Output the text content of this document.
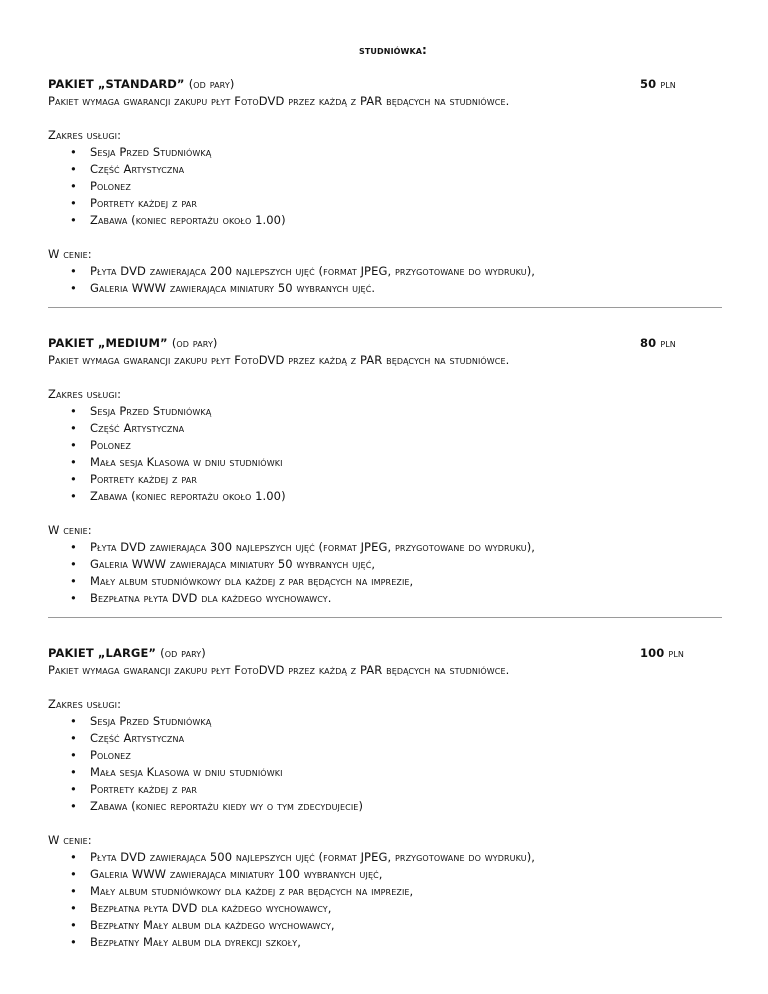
studniówka:
PAKIET „STANDARD” (od pary)	50 pln
Pakiet wymaga gwarancji zakupu płyt FotoDVD przez każdą z PAR będących na studniówce.
Zakres usługi:
• Sesja Przed Studniówką
• Część Artystyczna
• Polonez
• Portrety każdej z par
• Zabawa (koniec reportażu około 1.00)
W cenie:
• Płyta DVD zawierająca 200 najlepszych ujęć (format JPEG, przygotowane do wydruku),
• Galeria WWW zawierająca miniatury 50 wybranych ujęć.
PAKIET „MEDIUM” (od pary)	80 pln
Pakiet wymaga gwarancji zakupu płyt FotoDVD przez każdą z PAR będących na studniówce.
Zakres usługi:
• Sesja Przed Studniówką
• Część Artystyczna
• Polonez
• Mała sesja Klasowa w dniu studniówki
• Portrety każdej z par
• Zabawa (koniec reportażu około 1.00)
W cenie:
• Płyta DVD zawierająca 300 najlepszych ujęć (format JPEG, przygotowane do wydruku),
• Galeria WWW zawierająca miniatury 50 wybranych ujęć,
• Mały album studniówkowy dla każdej z par będących na imprezie,
• Bezpłatna płyta DVD dla każdego wychowawcy.
PAKIET „LARGE” (od pary)	100 pln
Pakiet wymaga gwarancji zakupu płyt FotoDVD przez każdą z PAR będących na studniówce.
Zakres usługi:
• Sesja Przed Studniówką
• Część Artystyczna
• Polonez
• Mała sesja Klasowa w dniu studniówki
• Portrety każdej z par
• Zabawa (koniec reportażu kiedy wy o tym zdecydujecie)
W cenie:
• Płyta DVD zawierająca 500 najlepszych ujęć (format JPEG, przygotowane do wydruku),
• Galeria WWW zawierająca miniatury 100 wybranych ujęć,
• Mały album studniówkowy dla każdej z par będących na imprezie,
• Bezpłatna płyta DVD dla każdego wychowawcy,
• Bezpłatny Mały album dla każdego wychowawcy,
• Bezpłatny Mały album dla dyrekcji szkoły,
